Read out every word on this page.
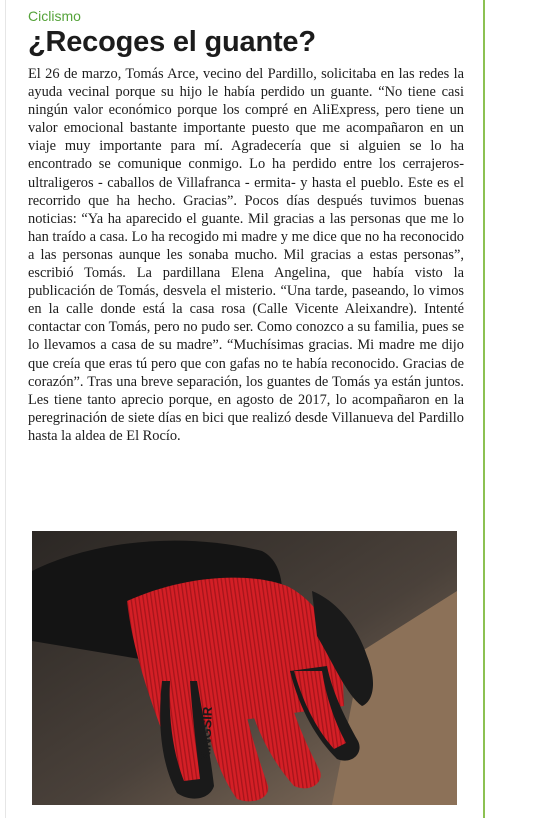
Ciclismo

¿Recoges el guante?

El 26 de marzo, Tomás Arce, vecino del Pardillo, solicitaba en las redes la ayuda vecinal porque su hijo le había perdido un guante. “No tiene casi ningún valor económico porque los compré en AliExpress, pero tiene un valor emocional bastante importante puesto que me acompañaron en un viaje muy importante para mí. Agradecería que si alguien se lo ha encontrado se comunique conmigo. Lo ha perdido entre los cerrajeros- ultraligeros - caballos de Villafranca - ermita- y hasta el pueblo. Este es el recorrido que ha hecho. Gracias”. Pocos días después tuvimos buenas noticias: “Ya ha aparecido el guante. Mil gracias a las personas que me lo han traído a casa. Lo ha recogido mi madre y me dice que no ha reconocido a las personas aunque les sonaba mucho. Mil gracias a estas personas”, escribió Tomás. La pardillana Elena Angelina, que había visto la publicación de Tomás, desvela el misterio. “Una tarde, paseando, lo vimos en la calle donde está la casa rosa (Calle Vicente Aleixandre). Intenté contactar con Tomás, pero no pudo ser. Como conozco a su familia, pues se lo llevamos a casa de su madre”. “Muchísimas gracias. Mi madre me dijo que creía que eras tú pero que con gafas no te había reconocido. Gracias de corazón”. Tras una breve separación, los guantes de Tomás ya están juntos. Les tiene tanto aprecio porque, en agosto de 2017, lo acompañaron en la peregrinación de siete días en bici que realizó desde Villanueva del Pardillo hasta la aldea de El Rocío.

KINGSIR
